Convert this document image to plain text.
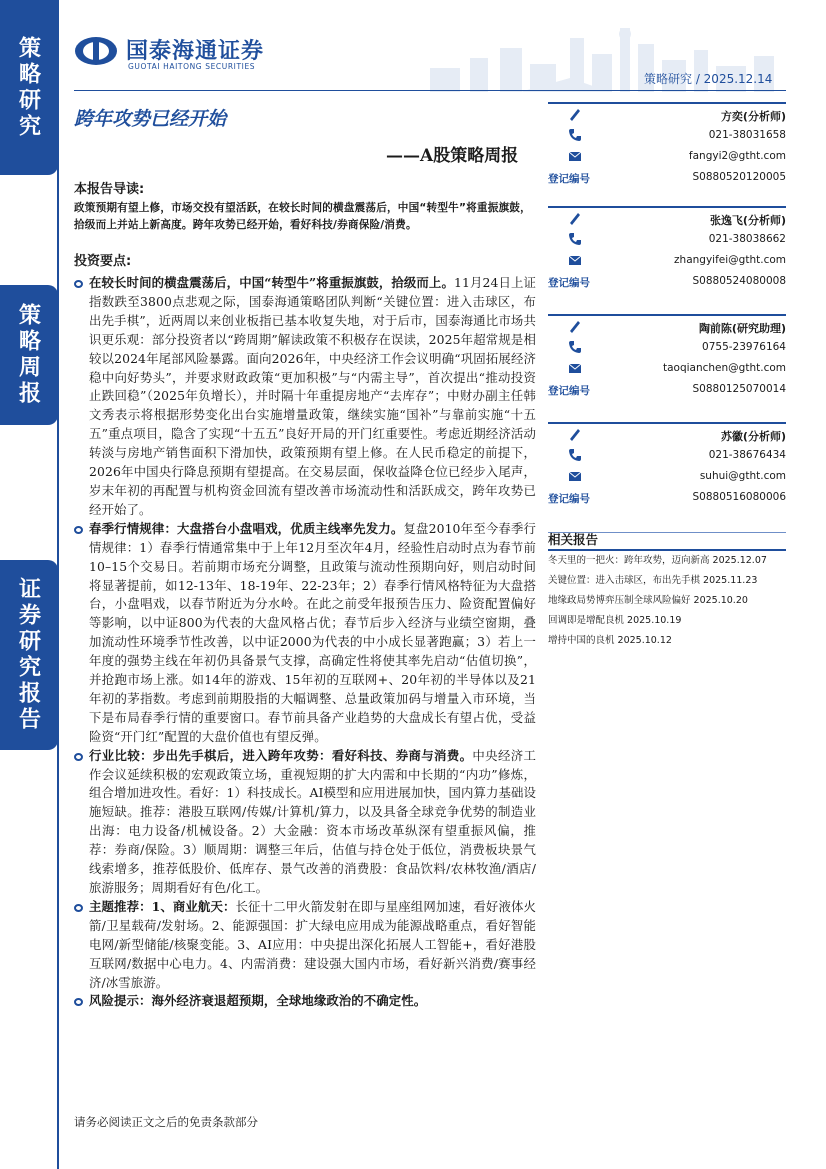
策略研究
策略周报
证券研究报告
国泰海通证券
GUOTAI HAITONG SECURITIES
策略研究 / 2025.12.14
跨年攻势已经开始
——A股策略周报
本报告导读:
政策预期有望上修，市场交投有望活跃，在较长时间的横盘震荡后，中国“转型牛”将重振旗鼓，拾级而上并站上新高度。跨年攻势已经开始，看好科技/券商保险/消费。
投资要点:
在较长时间的横盘震荡后，中国“转型牛”将重振旗鼓，拾级而上。11月24日上证指数跌至3800点悲观之际，国泰海通策略团队判断“关键位置：进入击球区，布出先手棋”，近两周以来创业板指已基本收复失地，对于后市，国泰海通比市场共识更乐观：部分投资者以“跨周期”解读政策不积极存在误读，2025年超常规是相较以2024年尾部风险暴露。面向2026年，中央经济工作会议明确“巩固拓展经济稳中向好势头”，并要求财政政策“更加积极”与“内需主导”，首次提出“推动投资止跌回稳”（2025年负增长），并时隔十年重提房地产“去库存”；中财办副主任韩文秀表示将根据形势变化出台实施增量政策，继续实施“国补”与靠前实施“十五五”重点项目，隐含了实现“十五五”良好开局的开门红重要性。考虑近期经济活动转淡与房地产销售面积下滑加快，政策预期有望上修。在人民币稳定的前提下，2026年中国央行降息预期有望提高。在交易层面，保收益降仓位已经步入尾声，岁末年初的再配置与机构资金回流有望改善市场流动性和活跃成交，跨年攻势已经开始了。
春季行情规律：大盘搭台小盘唱戏，优质主线率先发力。复盘2010年至今春季行情规律：1）春季行情通常集中于上年12月至次年4月，经验性启动时点为春节前10–15个交易日。若前期市场充分调整，且政策与流动性预期向好，则启动时间将显著提前，如12-13年、18-19年、22-23年；2）春季行情风格特征为大盘搭台，小盘唱戏，以春节附近为分水岭。在此之前受年报预告压力、险资配置偏好等影响，以中证800为代表的大盘风格占优；春节后步入经济与业绩空窗期，叠加流动性环境季节性改善，以中证2000为代表的中小成长显著跑赢；3）若上一年度的强势主线在年初仍具备景气支撑，高确定性将使其率先启动“估值切换”，并抢跑市场上涨。如14年的游戏、15年初的互联网+、20年初的半导体以及21年初的茅指数。考虑到前期股指的大幅调整、总量政策加码与增量入市环境，当下是布局春季行情的重要窗口。春节前具备产业趋势的大盘成长有望占优，受益险资“开门红”配置的大盘价值也有望反弹。
行业比较：步出先手棋后，进入跨年攻势：看好科技、券商与消费。中央经济工作会议延续积极的宏观政策立场，重视短期的扩大内需和中长期的“内功”修炼，组合增加进攻性。看好：1）科技成长。AI模型和应用进展加快，国内算力基础设施短缺。推荐：港股互联网/传媒/计算机/算力，以及具备全球竞争优势的制造业出海：电力设备/机械设备。2）大金融：资本市场改革纵深有望重振风偏，推荐：券商/保险。3）顺周期：调整三年后，估值与持仓处于低位，消费板块景气线索增多，推荐低股价、低库存、景气改善的消费股：食品饮料/农林牧渔/酒店/旅游服务；周期看好有色/化工。
主题推荐：1、商业航天：长征十二甲火箭发射在即与星座组网加速，看好液体火箭/卫星载荷/发射场。2、能源强国：扩大绿电应用成为能源战略重点，看好智能电网/新型储能/核聚变能。3、AI应用：中央提出深化拓展人工智能+，看好港股互联网/数据中心电力。4、内需消费：建设强大国内市场，看好新兴消费/赛事经济/冰雪旅游。
风险提示：海外经济衰退超预期，全球地缘政治的不确定性。
请务必阅读正文之后的免责条款部分
方奕(分析师)
021-38031658
fangyi2@gtht.com
登记编号	S0880520120005
张逸飞(分析师)
021-38038662
zhangyifei@gtht.com
登记编号	S0880524080008
陶前陈(研究助理)
0755-23976164
taoqianchen@gtht.com
登记编号	S0880125070014
苏徽(分析师)
021-38676434
suhui@gtht.com
登记编号	S0880516080006
相关报告
冬天里的一把火：跨年攻势，迈向新高 2025.12.07
关键位置：进入击球区，布出先手棋 2025.11.23
地缘政局势博弈压制全球风险偏好 2025.10.20
回调即是增配良机 2025.10.19
增持中国的良机 2025.10.12
